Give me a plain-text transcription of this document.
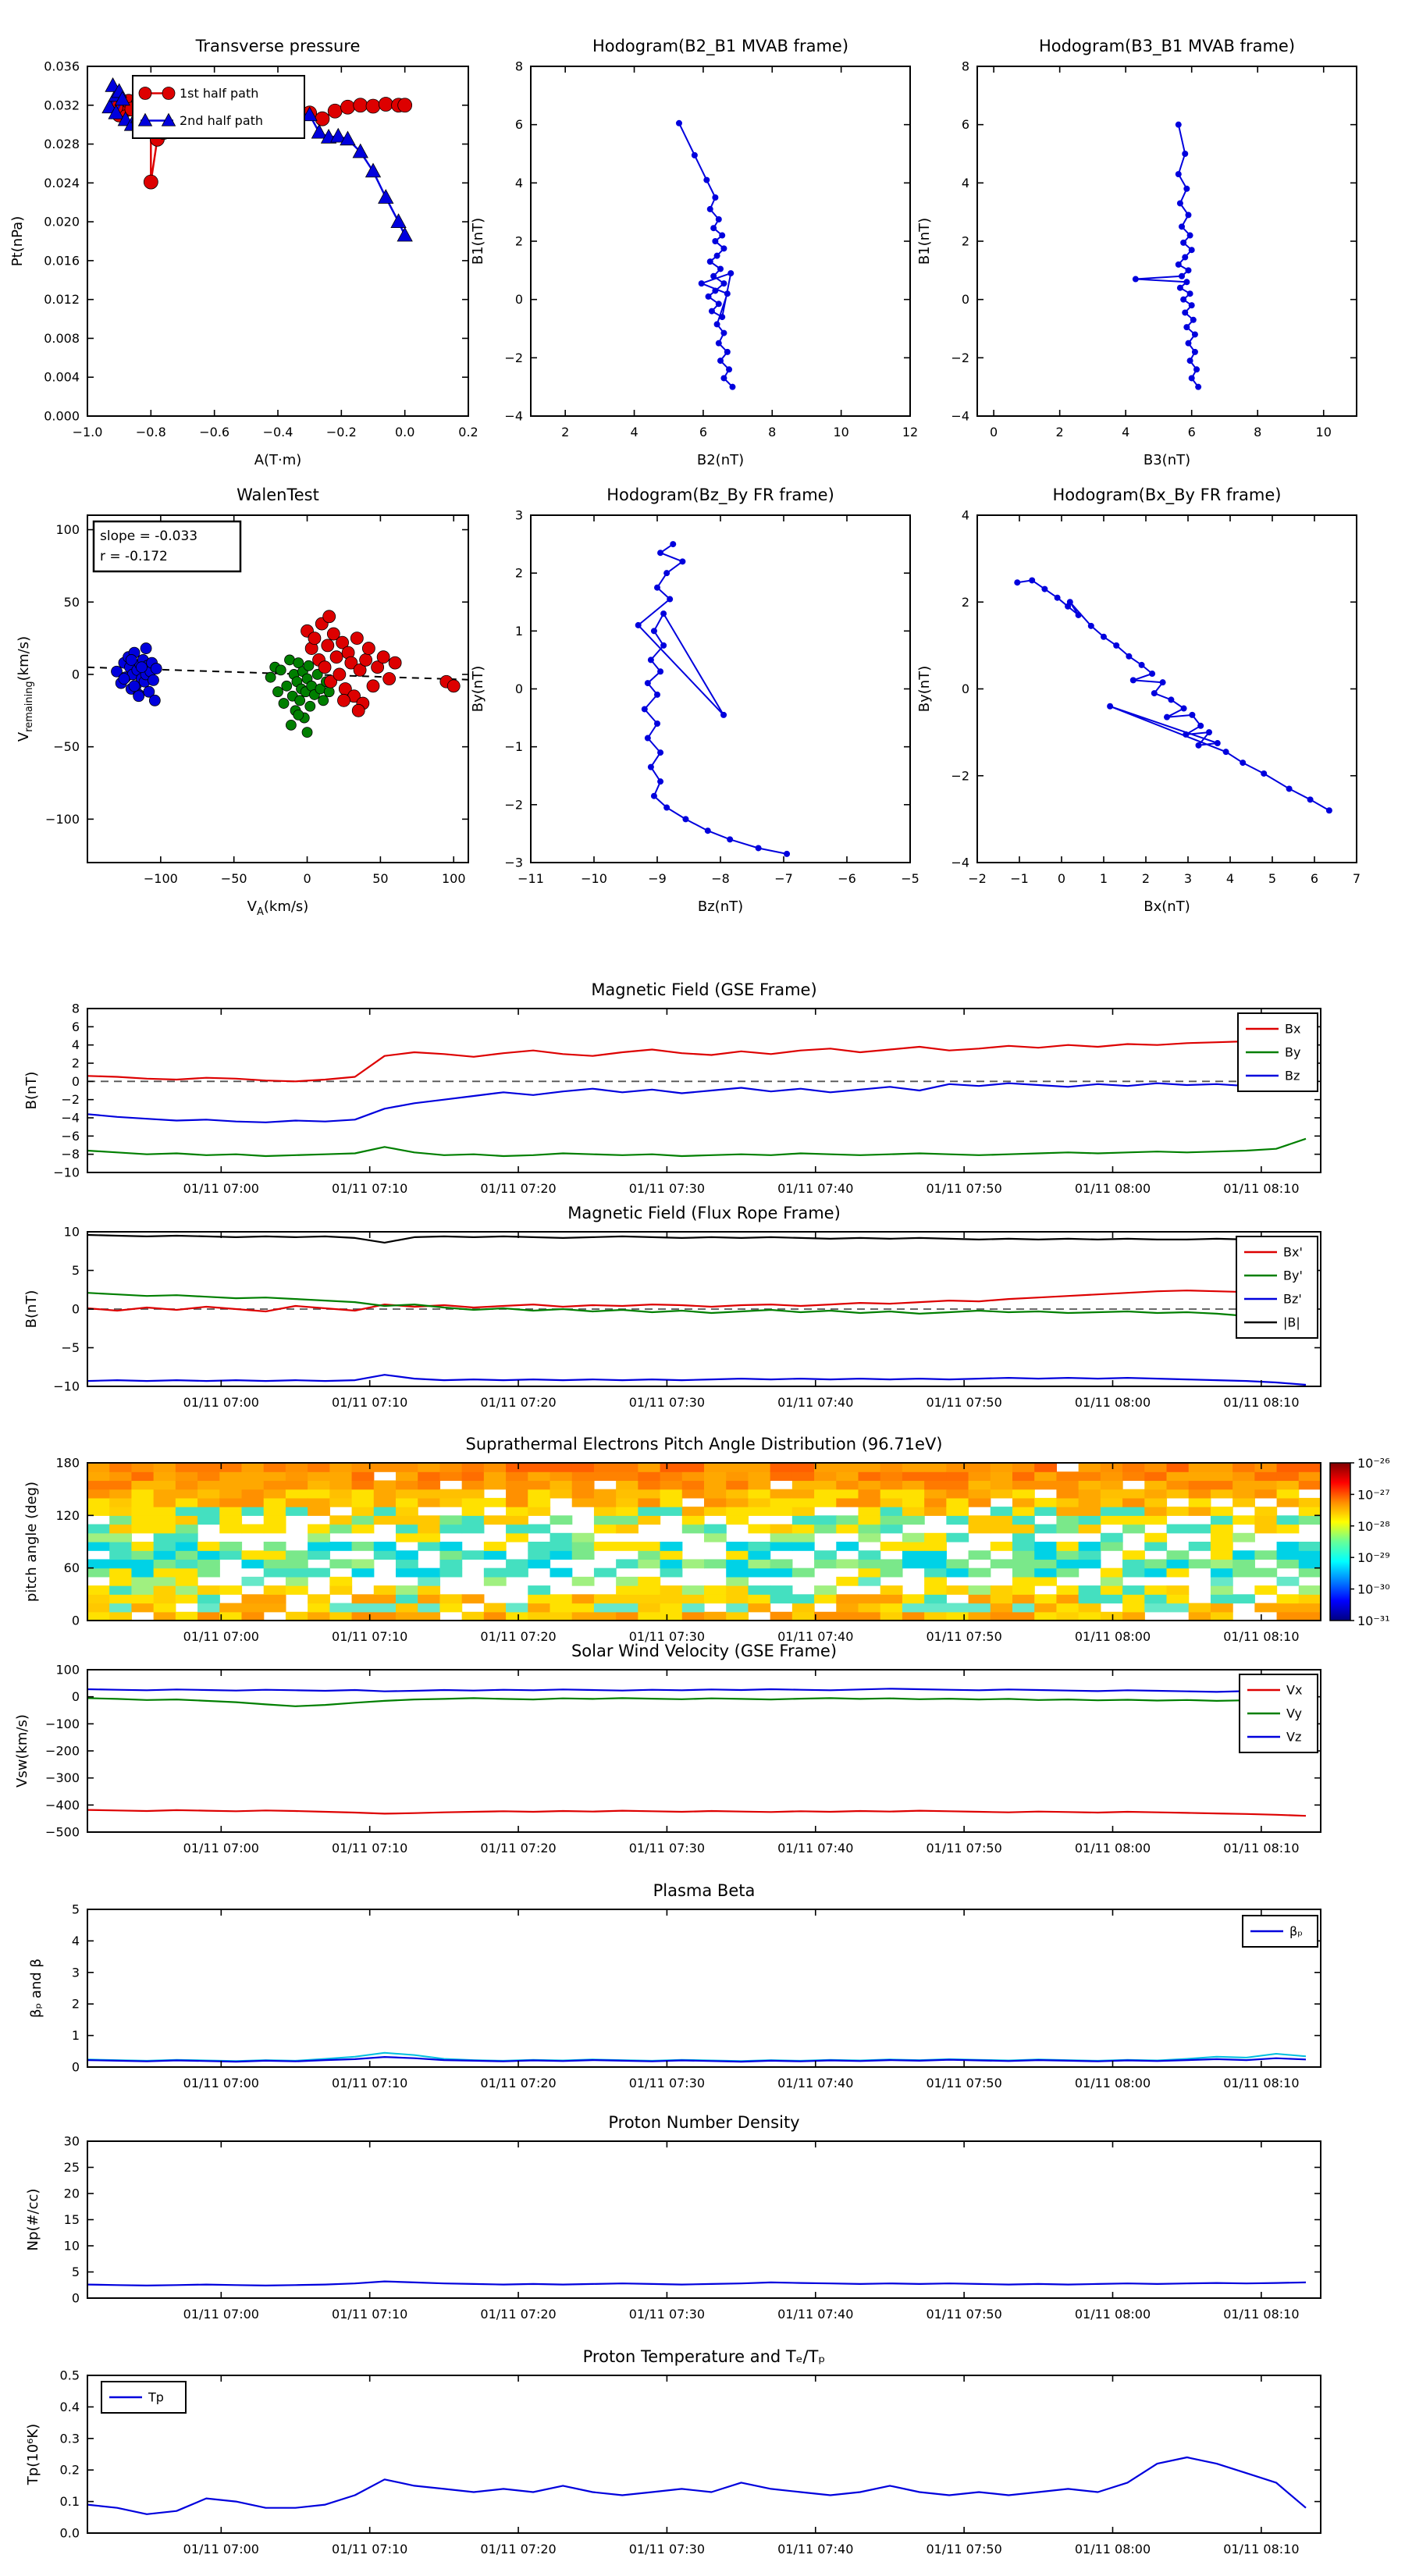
−1.0	−0.8	−0.6	−0.4	−0.2	0.0	0.2
0.000
0.004
0.008
0.012
0.016
0.020
0.024
0.028
0.032
0.036
A(T·m)
Pt(nPa)
1st half path
2nd half path
2	4	6	8	10	12
−4
−2
0
2
4
6
8
B2(nT)
B1(nT)
0	2	4	6	8	10
−4
−2
0
2
4
6
8
B3(nT)
B1(nT)
−100	−50	0	50	100
−100
−50
0
50
100
$V_A(km/s)$
$V_{remaining}(km/s)$
slope = -0.033
r = -0.172
−11	−10	−9	−8	−7	−6	−5
−3
−2
−1
0
1
2
3
Bz(nT)
By(nT)
−2 −1 0	1	2	3	4	5	6	7
−4
−2
0
2
4
Bx(nT)
By(nT)
01/11 07:00	01/11 07:10	01/11 07:20	01/11 07:30	01/11 07:40	01/11 07:50	01/11 08:00	01/11 08:10
−10
−8
−6
−4
−2
0
2
4
6
8
B(nT)
Bx
By
Bz
01/11 07:00	01/11 07:10	01/11 07:20	01/11 07:30	01/11 07:40	01/11 07:50	01/11 08:00	01/11 08:10
−10
−5
0
5
10
B(nT)
Bx'
By'
Bz'
|B|
01/11 07:00	01/11 07:10	01/11 07:20	01/11 07:30	01/11 07:40	01/11 07:50	01/11 08:00	01/11 08:10
0
60
120
180
pitch angle (deg)
10⁻²⁶
10⁻²⁷
10⁻²⁸
10⁻²⁹
10⁻³⁰
10⁻³¹
01/11 07:00	01/11 07:10	01/11 07:20	01/11 07:30	01/11 07:40	01/11 07:50	01/11 08:00	01/11 08:10
−500
−400
−300
−200
−100
0
100
Vsw(km/s)
Vx
Vy
Vz
01/11 07:00	01/11 07:10	01/11 07:20	01/11 07:30	01/11 07:40	01/11 07:50	01/11 08:00	01/11 08:10
0
1
2
3
4
5
βₚ and β
βₚ
01/11 07:00	01/11 07:10	01/11 07:20	01/11 07:30	01/11 07:40	01/11 07:50	01/11 08:00	01/11 08:10
0
5
10
15
20
25
30
Np(#/cc)
01/11 07:00	01/11 07:10	01/11 07:20	01/11 07:30	01/11 07:40	01/11 07:50	01/11 08:00	01/11 08:10
0.0
0.1
0.2
0.3
0.4
0.5
Tp(10⁶K)
Tp
Transverse pressure	Hodogram(B2_B1 MVAB frame)	Hodogram(B3_B1 MVAB frame)
WalenTest	Hodogram(Bz_By FR frame)	Hodogram(Bx_By FR frame)
Magnetic Field (GSE Frame)
Magnetic Field (Flux Rope Frame)
Suprathermal Electrons Pitch Angle Distribution (96.71eV)
Solar Wind Velocity (GSE Frame)
Plasma Beta
Proton Number Density
Proton Temperature and Tₑ/Tₚ
